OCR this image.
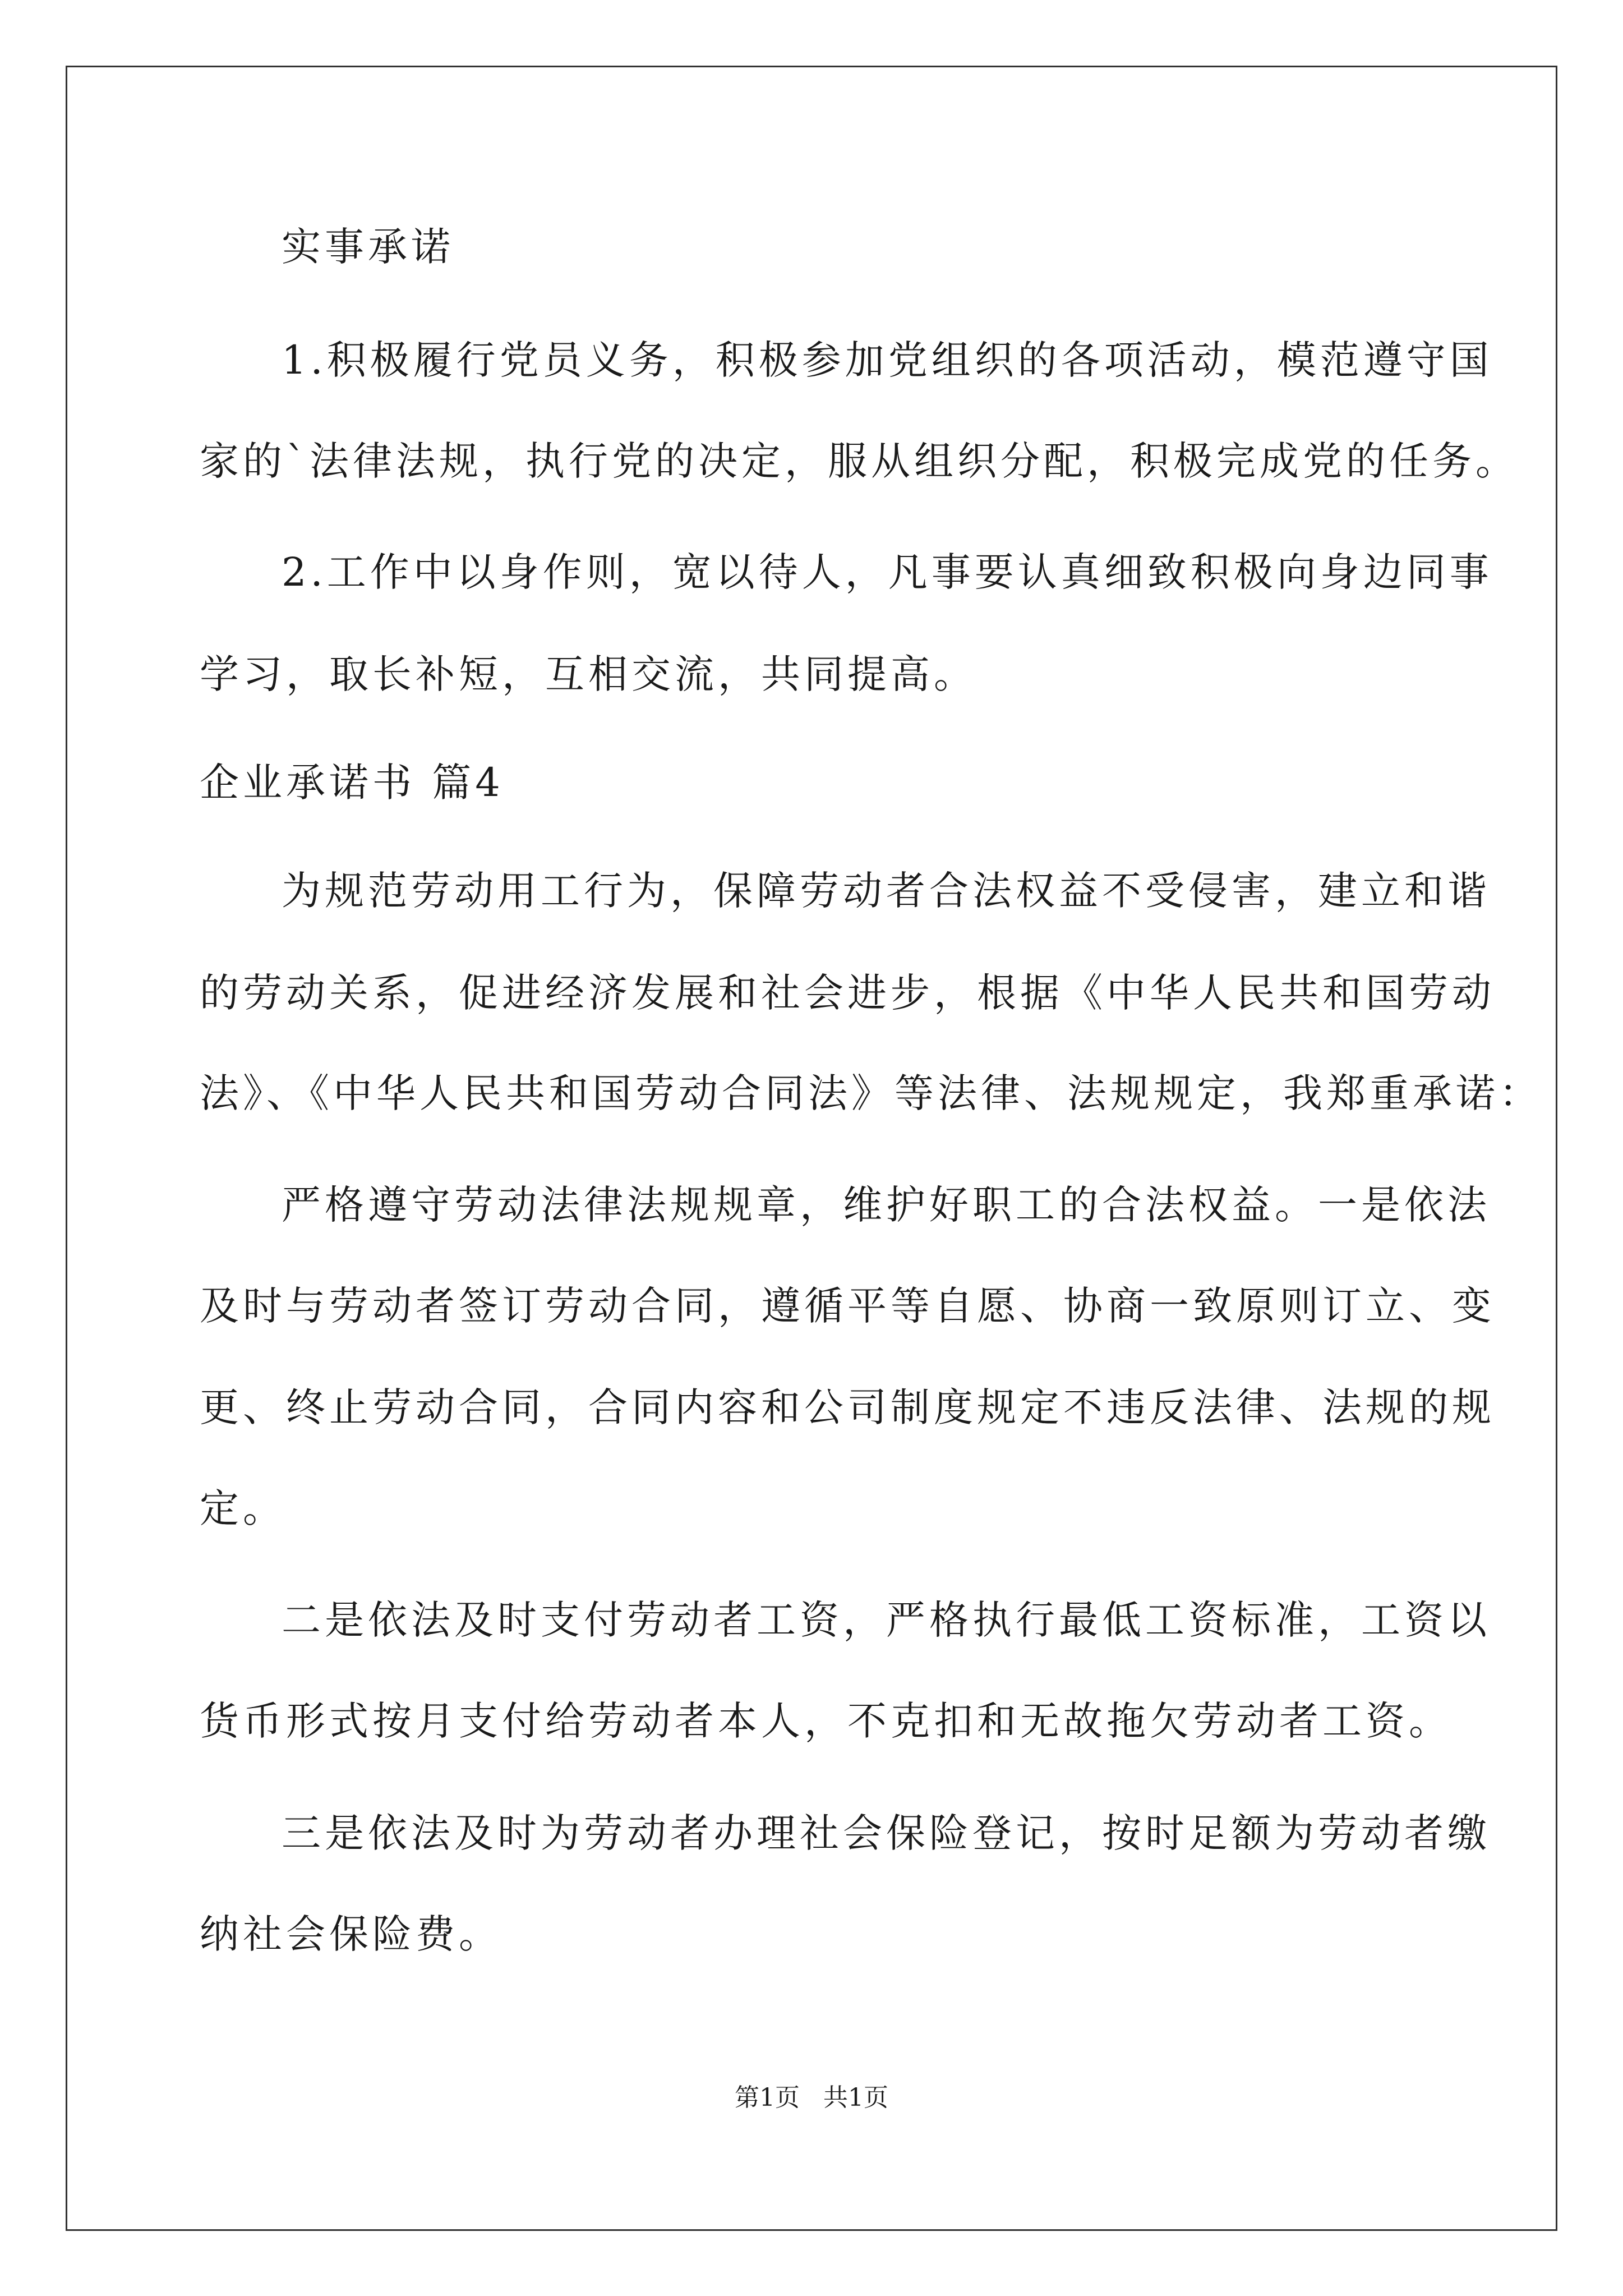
实事承诺
1.积极履行党员义务，积极参加党组织的各项活动，模范遵守国
家的`法律法规，执行党的决定，服从组织分配，积极完成党的任务。
2.工作中以身作则，宽以待人，凡事要认真细致积极向身边同事
学习，取长补短，互相交流，共同提高。
企业承诺书 篇4
为规范劳动用工行为，保障劳动者合法权益不受侵害，建立和谐
的劳动关系，促进经济发展和社会进步，根据《中华人民共和国劳动
法》、《中华人民共和国劳动合同法》等法律、法规规定，我郑重承诺：
严格遵守劳动法律法规规章，维护好职工的合法权益。一是依法
及时与劳动者签订劳动合同，遵循平等自愿、协商一致原则订立、变
更、终止劳动合同，合同内容和公司制度规定不违反法律、法规的规
定。
二是依法及时支付劳动者工资，严格执行最低工资标准，工资以
货币形式按月支付给劳动者本人，不克扣和无故拖欠劳动者工资。
三是依法及时为劳动者办理社会保险登记，按时足额为劳动者缴
纳社会保险费。
第1页   共1页
